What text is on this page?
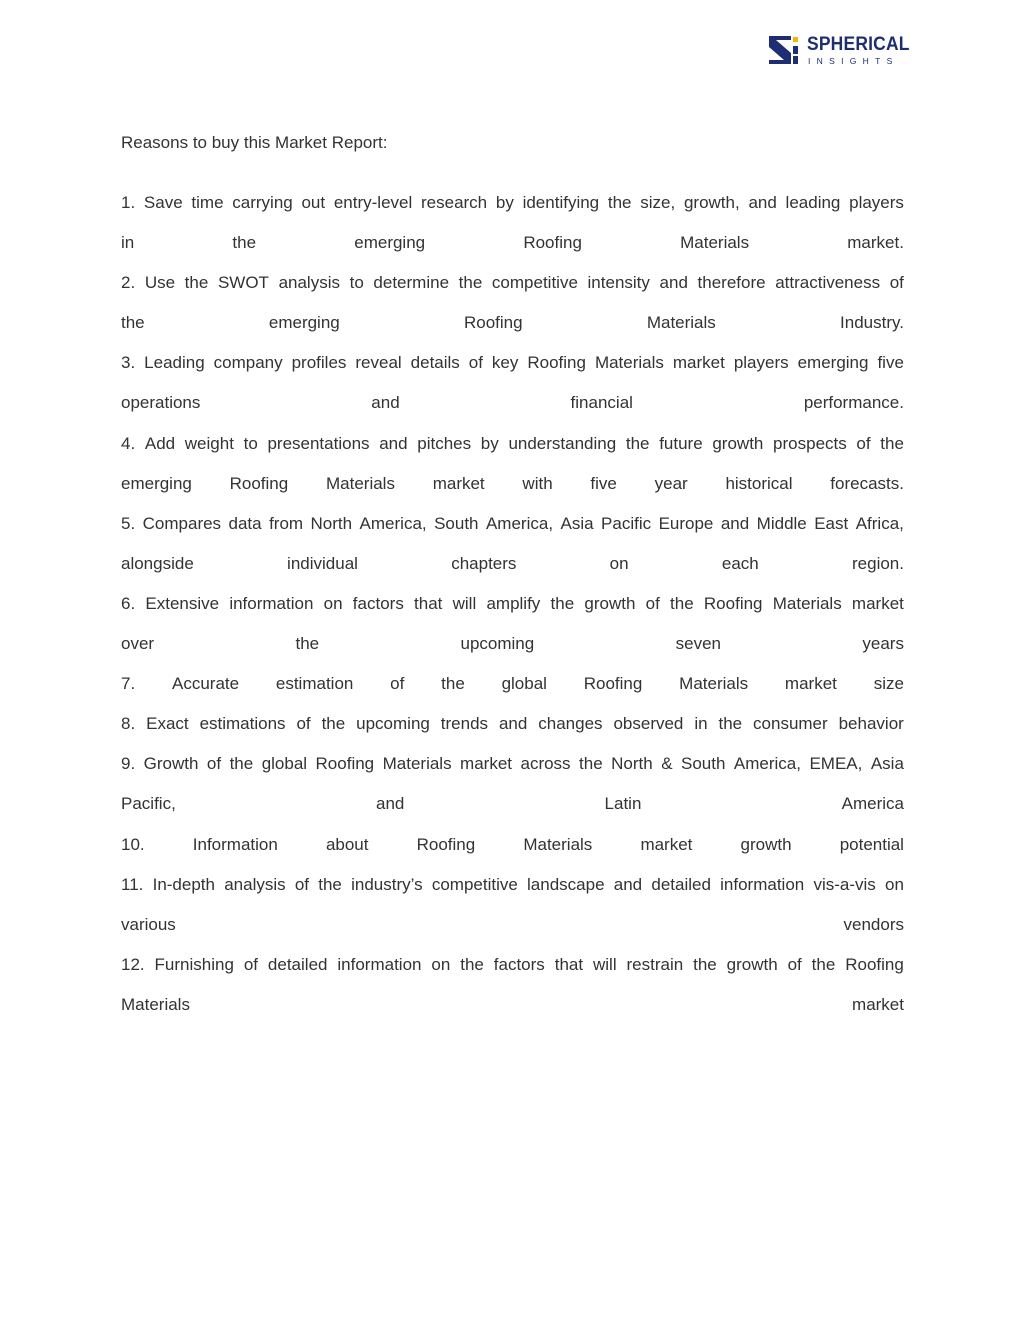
SPHERICAL
INSIGHTS
Reasons to buy this Market Report:
1. Save time carrying out entry-level research by identifying the size, growth, and leading players
in	the	emerging	Roofing	Materials	market.
2. Use the SWOT analysis to determine the competitive intensity and therefore attractiveness of
the	emerging	Roofing	Materials	Industry.
3. Leading company profiles reveal details of key Roofing Materials market players emerging five
operations	and	financial	performance.
4. Add weight to presentations and pitches by understanding the future growth prospects of the
emerging Roofing Materials market with five year historical forecasts.
5. Compares data from North America, South America, Asia Pacific Europe and Middle East Africa,
alongside	individual	chapters	on	each	region.
6. Extensive information on factors that will amplify the growth of the Roofing Materials market
over	the	upcoming	seven	years
7. Accurate estimation of the global Roofing Materials market size
8. Exact estimations of the upcoming trends and changes observed in the consumer behavior
9. Growth of the global Roofing Materials market across the North & South America, EMEA, Asia
Pacific,	and	Latin	America
10.	Information	about	Roofing	Materials	market	growth	potential
11. In-depth analysis of the industry’s competitive landscape and detailed information vis-a-vis on
various	vendors
12. Furnishing of detailed information on the factors that will restrain the growth of the Roofing
Materials	market
